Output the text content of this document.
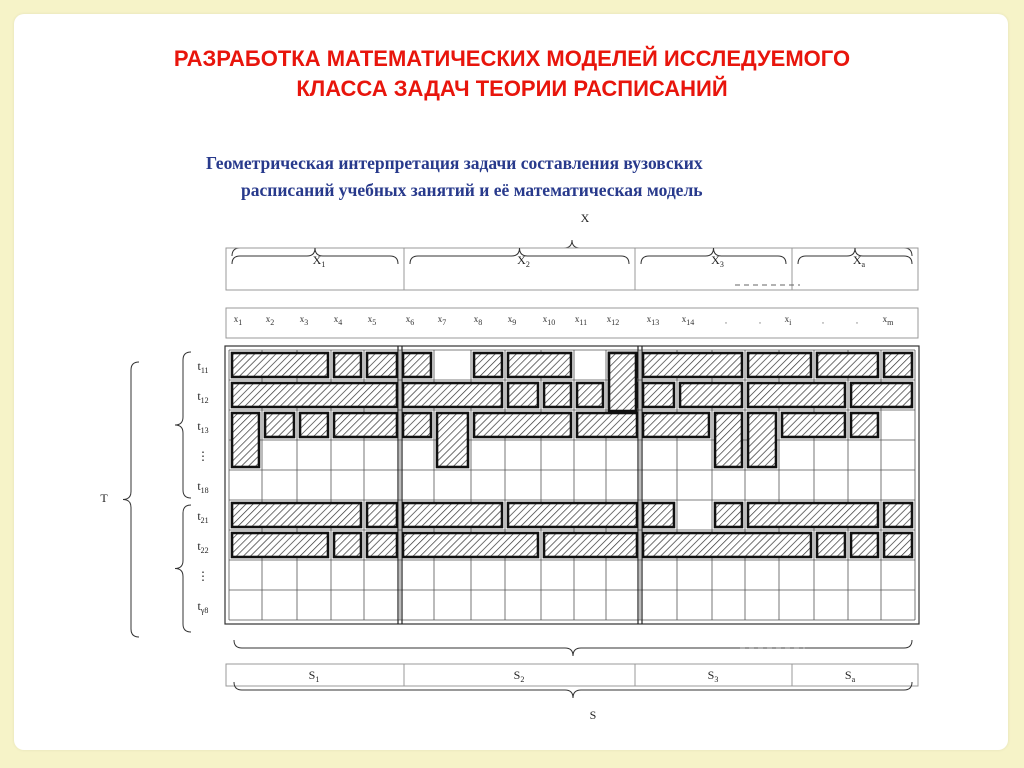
РАЗРАБОТКА МАТЕМАТИЧЕСКИХ МОДЕЛЕЙ ИССЛЕДУЕМОГО
КЛАССА ЗАДАЧ ТЕОРИИ РАСПИСАНИЙ
Геометрическая интерпретация задачи составления вузовских
расписаний учебных занятий и её математическая модель
X
$X_1$	$X_2$	$X_3$	$X_a$
x1	x2	x3	x4	x5	x6	x7	x8	x9	x10 x11 x12	x13	x14	xi	xm
·	·	·	·
$t_{11}$
$t_{12}$
$t_{13}$
⋮
$t_{18}$
$t_{21}$
$t_{22}$
⋮
$t_{\gamma 8}$
T
$S_1$	$S_2$	$S_3$	$S_a$
S
